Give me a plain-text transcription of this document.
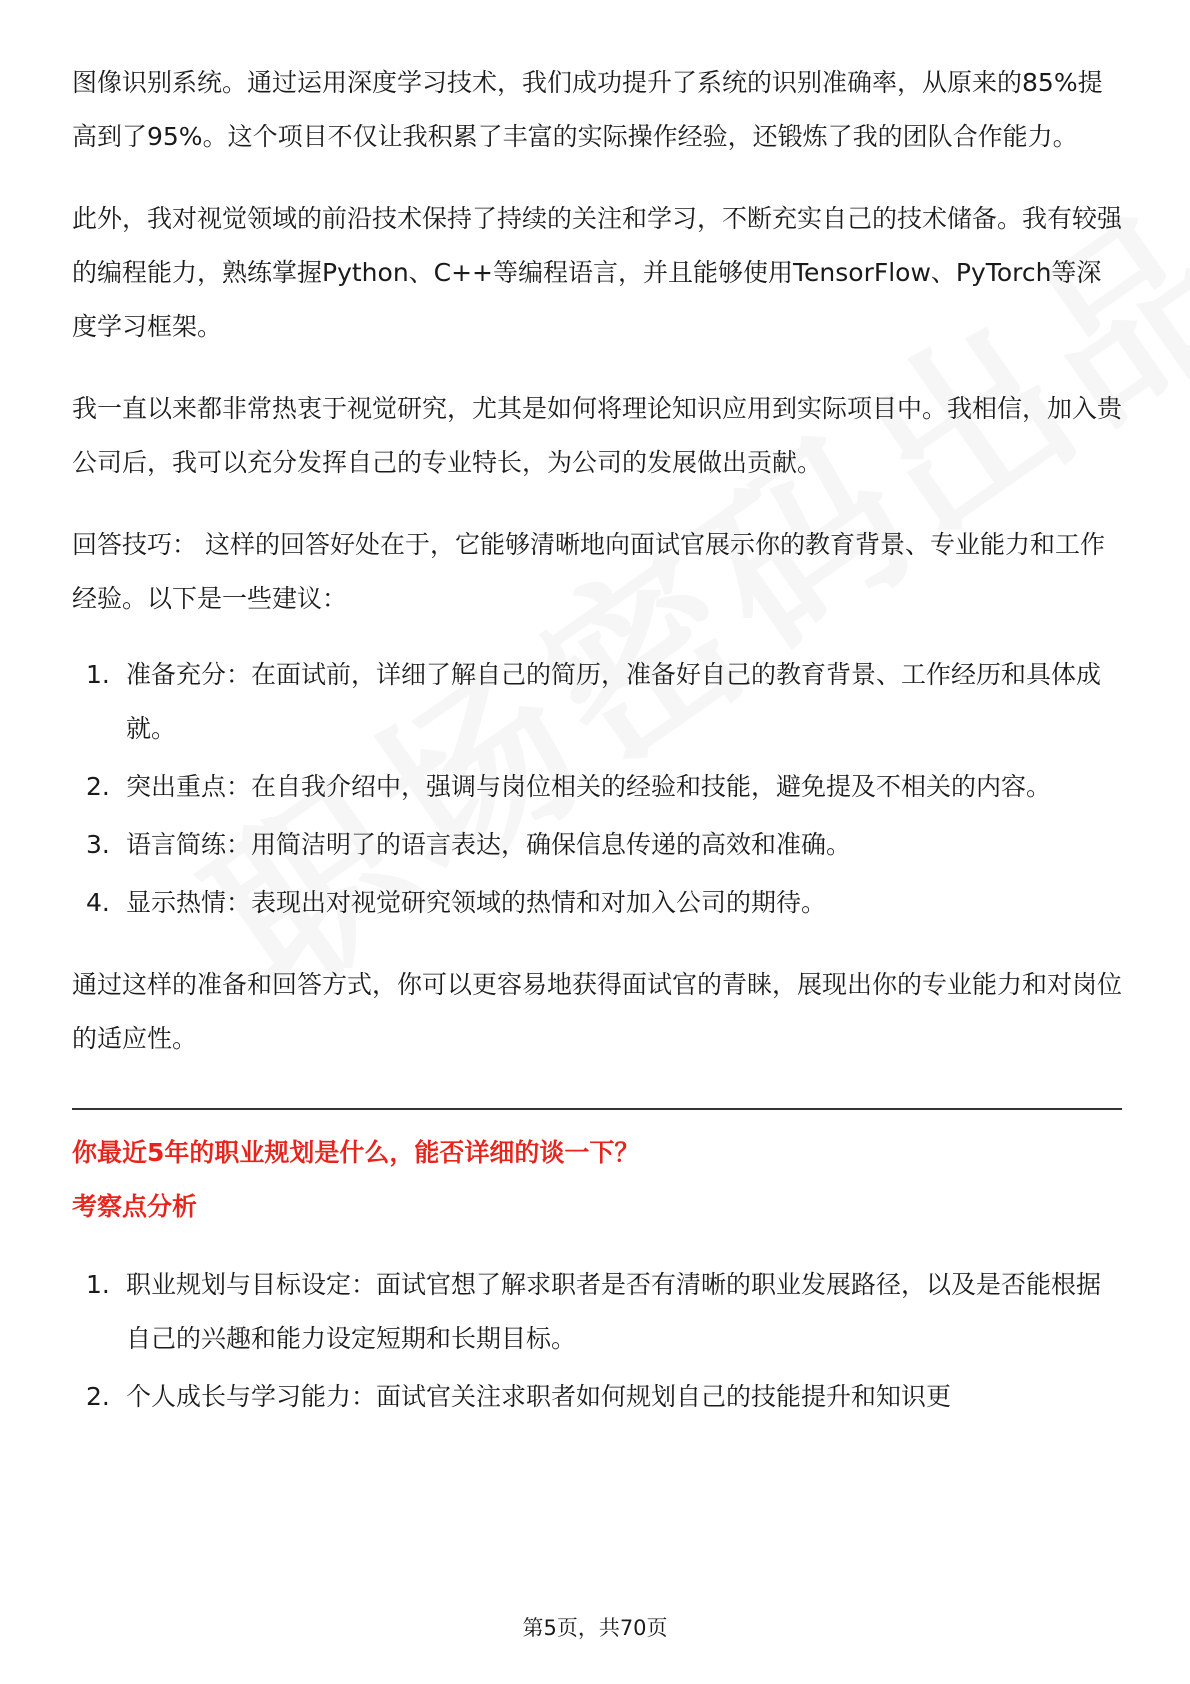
图像识别系统。通过运用深度学习技术，我们成功提升了系统的识别准确率，从原来的85%提高到了95%。这个项目不仅让我积累了丰富的实际操作经验，还锻炼了我的团队合作能力。

此外，我对视觉领域的前沿技术保持了持续的关注和学习，不断充实自己的技术储备。我有较强的编程能力，熟练掌握Python、C++等编程语言，并且能够使用TensorFlow、PyTorch等深度学习框架。

我一直以来都非常热衷于视觉研究，尤其是如何将理论知识应用到实际项目中。我相信，加入贵公司后，我可以充分发挥自己的专业特长，为公司的发展做出贡献。

回答技巧： 这样的回答好处在于，它能够清晰地向面试官展示你的教育背景、专业能力和工作经验。以下是一些建议：

1. 准备充分：在面试前，详细了解自己的简历，准备好自己的教育背景、工作经历和具体成就。
2. 突出重点：在自我介绍中，强调与岗位相关的经验和技能，避免提及不相关的内容。
3. 语言简练：用简洁明了的语言表达，确保信息传递的高效和准确。
4. 显示热情：表现出对视觉研究领域的热情和对加入公司的期待。

通过这样的准备和回答方式，你可以更容易地获得面试官的青睐，展现出你的专业能力和对岗位的适应性。

你最近5年的职业规划是什么，能否详细的谈一下？

考察点分析

1. 职业规划与目标设定：面试官想了解求职者是否有清晰的职业发展路径，以及是否能根据自己的兴趣和能力设定短期和长期目标。
2. 个人成长与学习能力：面试官关注求职者如何规划自己的技能提升和知识更
第5页，共70页
